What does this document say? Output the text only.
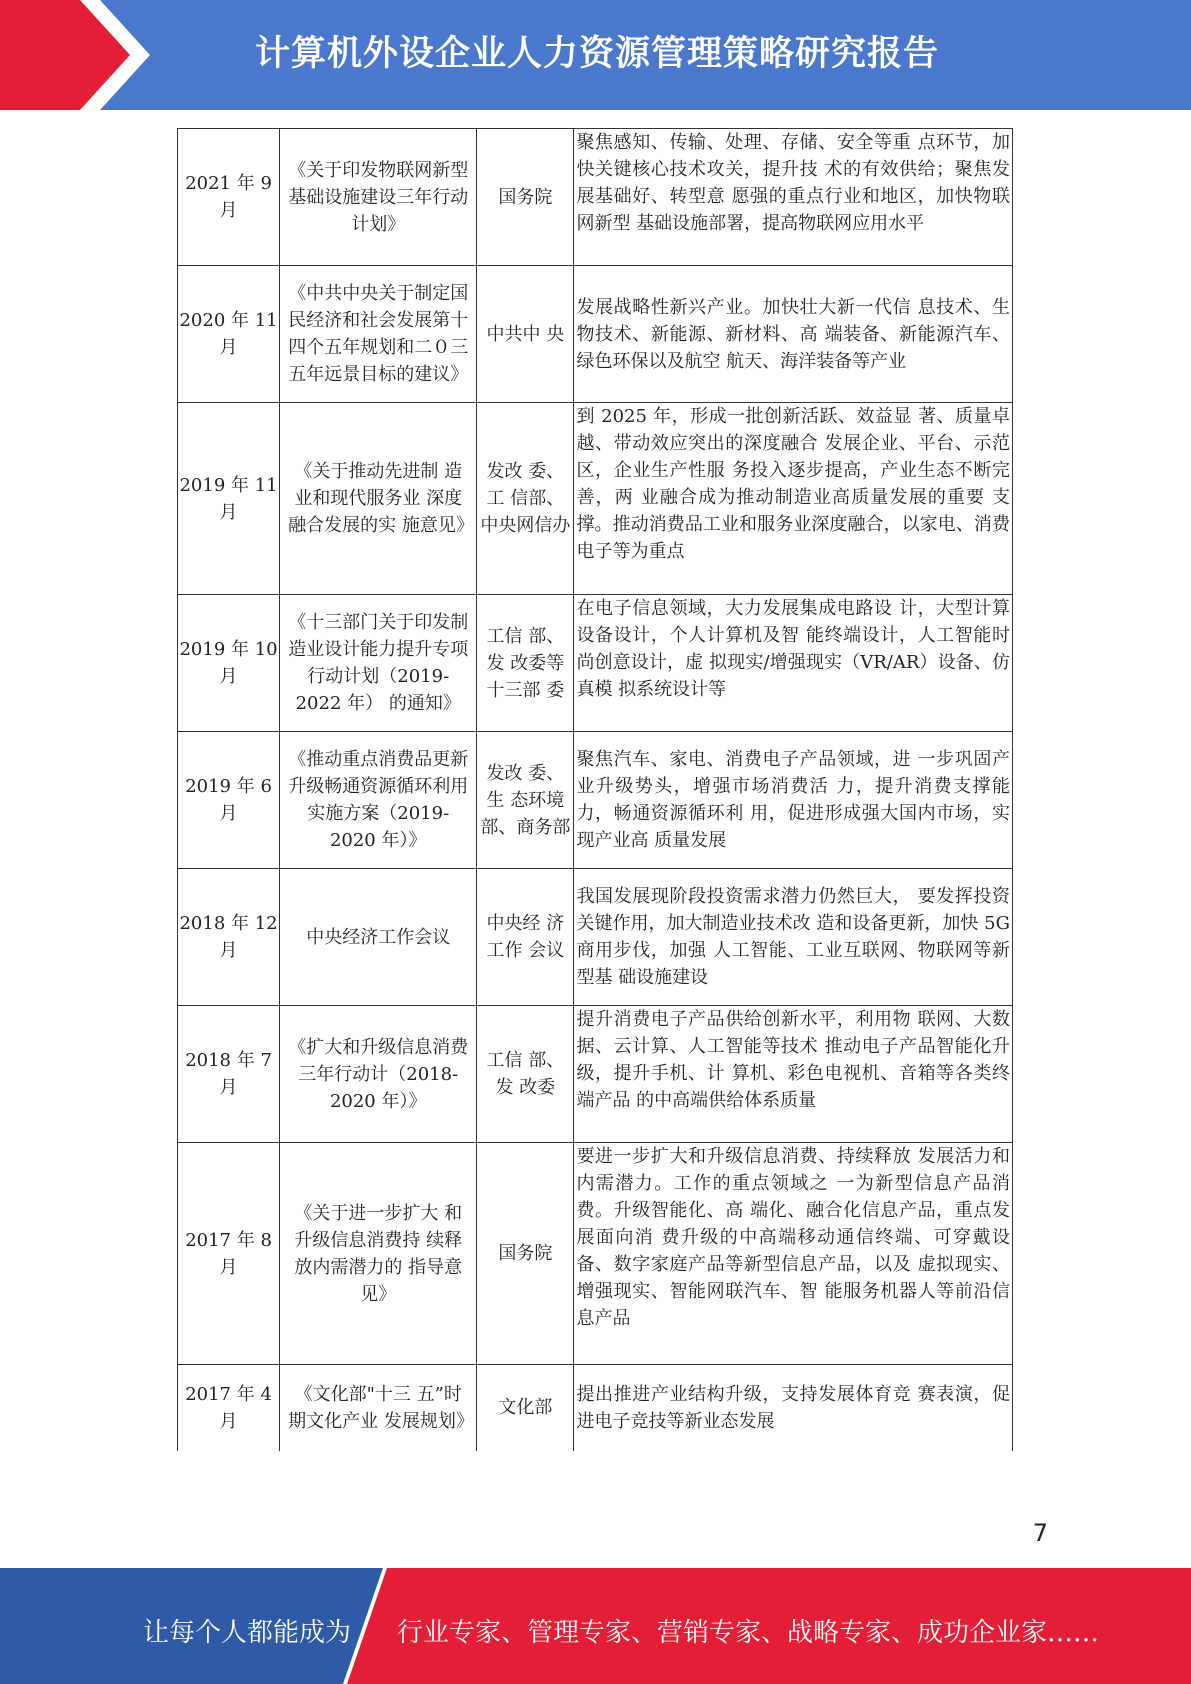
计算机外设企业人力资源管理策略研究报告
2021 年 9 月	《关于印发物联网新型基础设施建设三年行动计划》	国务院	聚焦感知、传输、处理、存储、安全等重 点环节，加快关键核心技术攻关，提升技 术的有效供给；聚焦发展基础好、转型意 愿强的重点行业和地区，加快物联网新型 基础设施部署，提高物联网应用水平
2020 年 11 月	《中共中央关于制定国民经济和社会发展第十四个五年规划和二０三五年远景目标的建议》	中共中 央	发展战略性新兴产业。加快壮大新一代信 息技术、生物技术、新能源、新材料、高 端装备、新能源汽车、绿色环保以及航空 航天、海洋装备等产业
2019 年 11 月	《关于推动先进制 造业和现代服务业 深度融合发展的实 施意见》	发改 委、工 信部、中央网信办	到 2025 年，形成一批创新活跃、效益显 著、质量卓越、带动效应突出的深度融合 发展企业、平台、示范区，企业生产性服 务投入逐步提高，产业生态不断完善，两 业融合成为推动制造业高质量发展的重要 支撑。推动消费品工业和服务业深度融合，以家电、消费电子等为重点
2019 年 10 月	《十三部门关于印发制造业设计能力提升专项行动计划（2019-2022 年） 的通知》	工信 部、发 改委等十三部 委	在电子信息领域，大力发展集成电路设 计，大型计算设备设计，个人计算机及智 能终端设计，人工智能时尚创意设计，虚 拟现实/增强现实（VR/AR）设备、仿真模 拟系统设计等
2019 年 6 月	《推动重点消费品更新升级畅通资源循环利用实施方案（2019-2020 年）》	发改 委、生 态环境部、商务部	聚焦汽车、家电、消费电子产品领域，进 一步巩固产业升级势头，增强市场消费活 力，提升消费支撑能力，畅通资源循环利 用，促进形成强大国内市场，实现产业高 质量发展
2018 年 12 月	中央经济工作会议	中央经 济工作 会议	我国发展现阶段投资需求潜力仍然巨大， 要发挥投资关键作用，加大制造业技术改 造和设备更新，加快 5G 商用步伐，加强 人工智能、工业互联网、物联网等新型基 础设施建设
2018 年 7 月	《扩大和升级信息消费三年行动计（2018-2020 年）》	工信 部、发 改委	提升消费电子产品供给创新水平，利用物 联网、大数据、云计算、人工智能等技术 推动电子产品智能化升级，提升手机、计 算机、彩色电视机、音箱等各类终端产品 的中高端供给体系质量
2017 年 8 月	《关于进一步扩大 和升级信息消费持 续释放内需潜力的 指导意见》	国务院	要进一步扩大和升级信息消费、持续释放 发展活力和内需潜力。工作的重点领域之 一为新型信息产品消费。升级智能化、高 端化、融合化信息产品，重点发展面向消 费升级的中高端移动通信终端、可穿戴设 备、数字家庭产品等新型信息产品，以及 虚拟现实、增强现实、智能网联汽车、智 能服务机器人等前沿信息产品
2017 年 4 月	《文化部"十三 五”时期文化产业 发展规划》	文化部	提出推进产业结构升级，支持发展体育竞 赛表演，促进电子竞技等新业态发展
7
让每个人都能成为 行业专家、管理专家、营销专家、战略专家、成功企业家……
